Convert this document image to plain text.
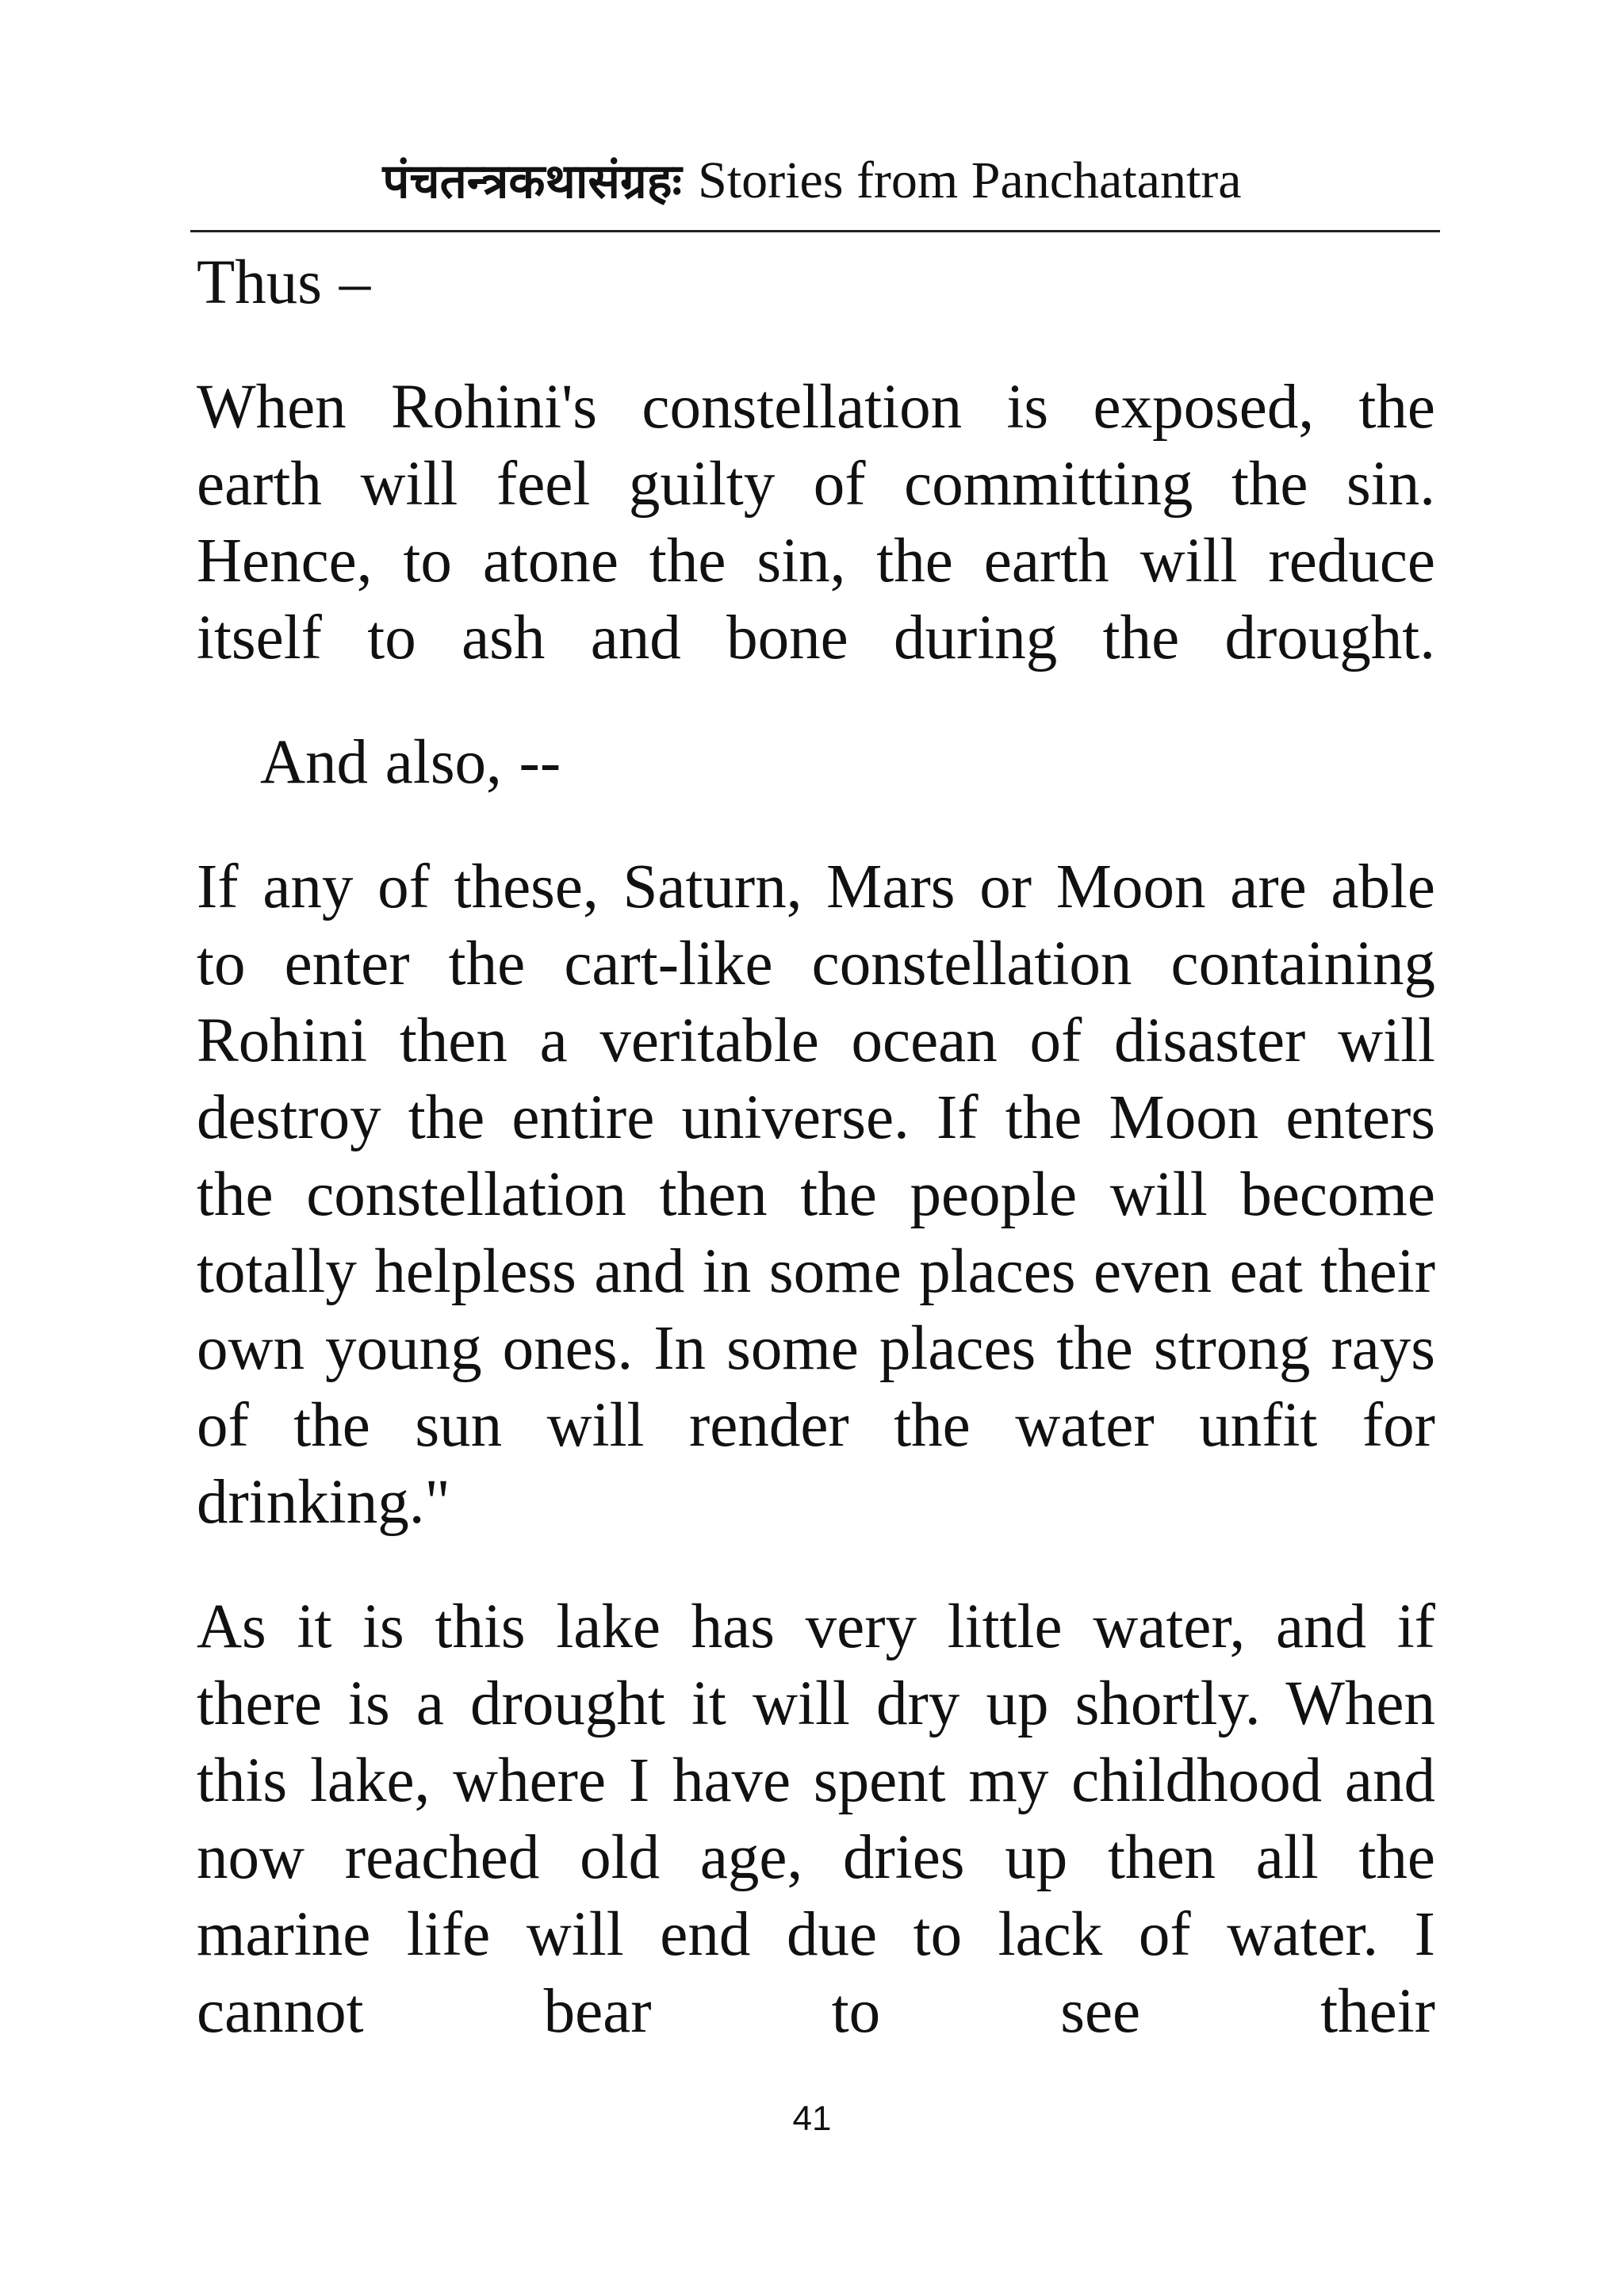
पंचतन्त्रकथासंग्रहः Stories from Panchatantra

Thus –

When Rohini's constellation is exposed, the earth will feel guilty of committing the sin. Hence, to atone the sin, the earth will reduce itself to ash and bone during the drought.

And also, --

If any of these, Saturn, Mars or Moon are able to enter the cart-like constellation containing Rohini then a veritable ocean of disaster will destroy the entire universe. If the Moon enters the constellation then the people will become totally helpless and in some places even eat their own young ones. In some places the strong rays of the sun will render the water unfit for drinking."

As it is this lake has very little water, and if there is a drought it will dry up shortly. When this lake, where I have spent my childhood and now reached old age, dries up then all the marine life will end due to lack of water. I cannot bear to see their

41
